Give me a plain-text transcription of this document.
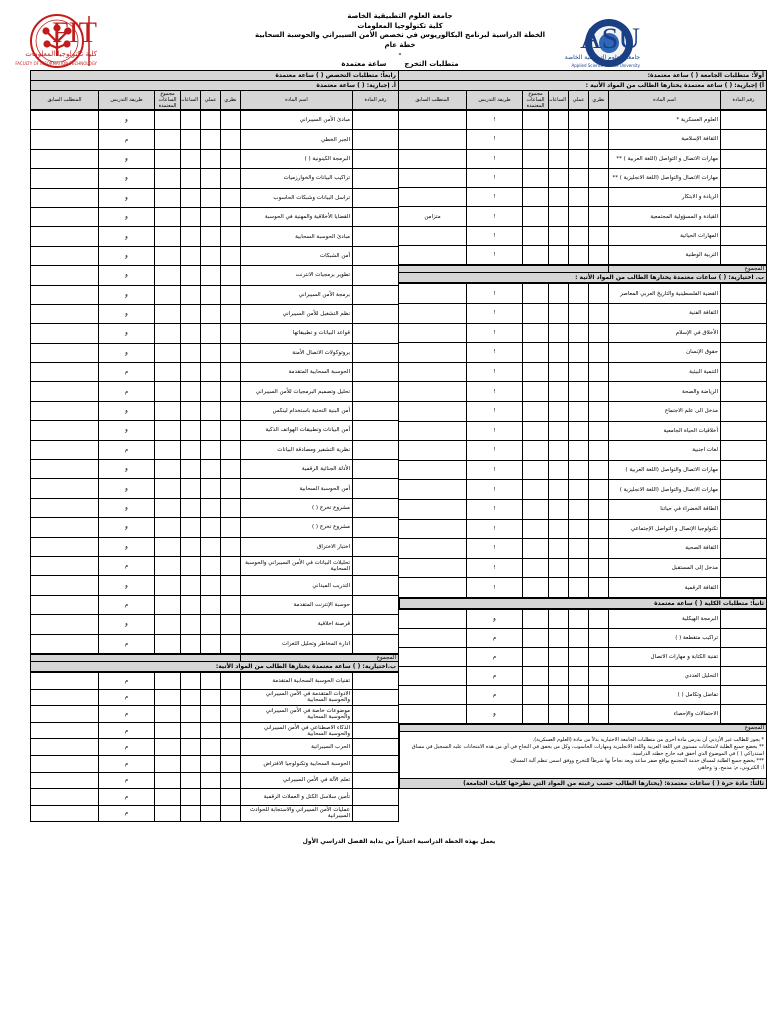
FIT
كلية تكنولوجيا المعلومات
FACULTY OF INFORMATION TECHNOLOGY
جامعة العلوم التطبيقية الخاصة
كلية تكنولوجيا المعلومات
الخطة الدراسية لبرنامج البكالوريوس في تخصص الأمن السيبراني والحوسبة السحابية
خطة عام
-
متطلبات التخرج
ساعة معتمدة
ASU
جامعة العلوم التطبيقية الخاصة
Applied Science Private University
أولاً: متطلبات الجامعة ( ) ساعة معتمدة:
أ) إجبارية: ( ) ساعة معتمدة يختارها الطالب من المواد الأتية :
رقم المادة	اسم المادة	نظري	عملي	الساعات	مجموع الساعات المعتمدة	طريقة التدريس	المتطلب السابق
	العلوم العسكرية *					!	
	الثقافة الإسلامية					!	
	مهارات الاتصال و التواصل (اللغة العربية ) **					!	
	مهارات الاتصال والتواصل (اللغة الانجليزية ) **					!	
	الريادة و الابتكار					!	
	القيادة و المسؤولية المجتمعية					!	متزامن
	المهارات الحياتية					!	
	التربية الوطنية					!	
المجموع	
ب. اختيارية: ( ) ساعات معتمدة يختارها الطالب من المواد الأتية :
	القضية الفلسطينية والتاريخ العربي المعاصر					!	
	الثقافة الفنية					!	
	الأخلاق في الإسلام					!	
	حقوق الإنسان					!	
	التنمية البيئية					!	
	الرياضة والصحة					!	
	مدخل الى علم الاجتماع					!	
	أخلاقيات الحياة الجامعية					!	
	لغات اجنبية					!	
	مهارات الاتصال والتواصل (اللغة العربية )					!	
	مهارات الاتصال والتواصل (اللغة الانجليزية )					!	
	الطاقة الخضراء في حياتنا					!	
	تكنولوجيا الإتصال و التواصل الإجتماعي					!	
	الثقافة الصحية					!	
	مدخل إلى المستقبل					!	
	الثقافة الرقمية					!	
ثانياً: متطلبات الكلية ( ) ساعة معتمدة
	البرمجة الهيكلية					و	
	تراكيب متقطعة ( )					م	
	تقنية الكتابة و مهارات الاتصال					م	
	التحليل العددي					م	
	تفاضل وتكامل ( )					م	
	الاحتمالات والإحصاء					و	
المجموع

* يجوز للطالب غير الأردني أن يدرس مادة أخرى من متطلبات الجامعة الاختيارية بدلاً من مادة (العلوم العسكرية).
** يخضع جميع الطلبة لامتحانات مستوى في اللغة العربية واللغة الانجليزية ومهارات الحاسوب، وكل من يخفق في النجاح في أي من هذه الامتحانات عليه التسجيل في مساق استدراكي ( ) في الموضوع الذي أخفق فيه خارج خطته الدراسية.
*** يخضع جميع الطلبة لمساق خدمة المجتمع بواقع صفر ساعة ويعد نجاحاً بها شرطاً للتخرج ووفق اسس تنظم آلية المساق.
أ: الكتروني، م: مدمج، و: وجاهي

ثالثاً: مادة حرة ( ) ساعات معتمدة: (يختارها الطالب حسب رغبته من المواد التي تطرحها كليات الجامعة)
رابعاً: متطلبات التخصص ( ) ساعة معتمدة
أ. إجبارية: ( ) ساعة معتمدة
رقم المادة	اسم المادة	نظري	عملي	الساعات	مجموع الساعات المعتمدة	طريقة التدريس	المتطلب السابق
	مبادئ الأمن السيبراني					و	
	الجبر الخطي					م	
	البرمجة الكينونية ( )					و	
	تراكيب البيانات والخوارزميات					و	
	تراسل البيانات وشبكات الحاسوب					و	
	القضايا الأخلاقية والمهنية في الحوسبة					و	
	مبادئ الحوسبة السحابية					و	
	أمن الشبكات					و	
	تطوير برمجيات الانترنت					و	
	برمجة الأمن السيبراني					و	
	نظم التشغيل للأمن السيبراني					و	
	قواعد البيانات و تطبيقاتها					و	
	بروتوكولات الاتصال الأمنة					و	
	الحوسبة السحابية المتقدمة					م	
	تحليل وتصميم البرمجيات للأمن السيبراني					م	
	أمن البنية التحتية باستخدام لينكس					و	
	أمن البيانات وتطبيقات الهواتف الذكية					و	
	نظرية التشفير ومصادقة البيانات					م	
	الأدلة الجنائية الرقمية					و	
	أمن الحوسبة السحابية					و	
	مشروع تخرج ( )					و	
	مشروع تخرج ( )					و	
	اختبار الاختراق					و	
	تحليلات البيانات في الأمن السيبراني والحوسبة السحابية					م	
	التدريب الميداني					و	
	حوسبة الإنترنت المتقدمة					م	
	قرصنة اخلاقية					و	
	ادارة المخاطر وتحليل الثغرات					م	
المجموع	
ب.اختيارية: ( ) ساعة معتمدة يختارها الطالب من المواد الأتية:
	تقنيات الحوسبة السحابية المتقدمة					م	
	الادوات المتقدمة في الأمن السيبراني والحوسبة السحابية					م	
	موضوعات خاصة في الأمن السيبراني والحوسبة السحابية					م	
	الذكاء الاصطناعي في الأمن السيبراني والحوسبة السحابية					م	
	الحرب السيبرانية					م	
	الحوسبة السحابية وتكنولوجيا الافتراض					م	
	تعلم الآلة في الأمن السيبراني					م	
	تأمين سلاسل الكتل و العملات الرقمية					م	
	عمليات الأمن السيبراني والاستجابة للحوادث السيبرانية					م	
يعمل بهذه الخطة الدراسية اعتباراً من بداية الفصل الدراسي الأول
